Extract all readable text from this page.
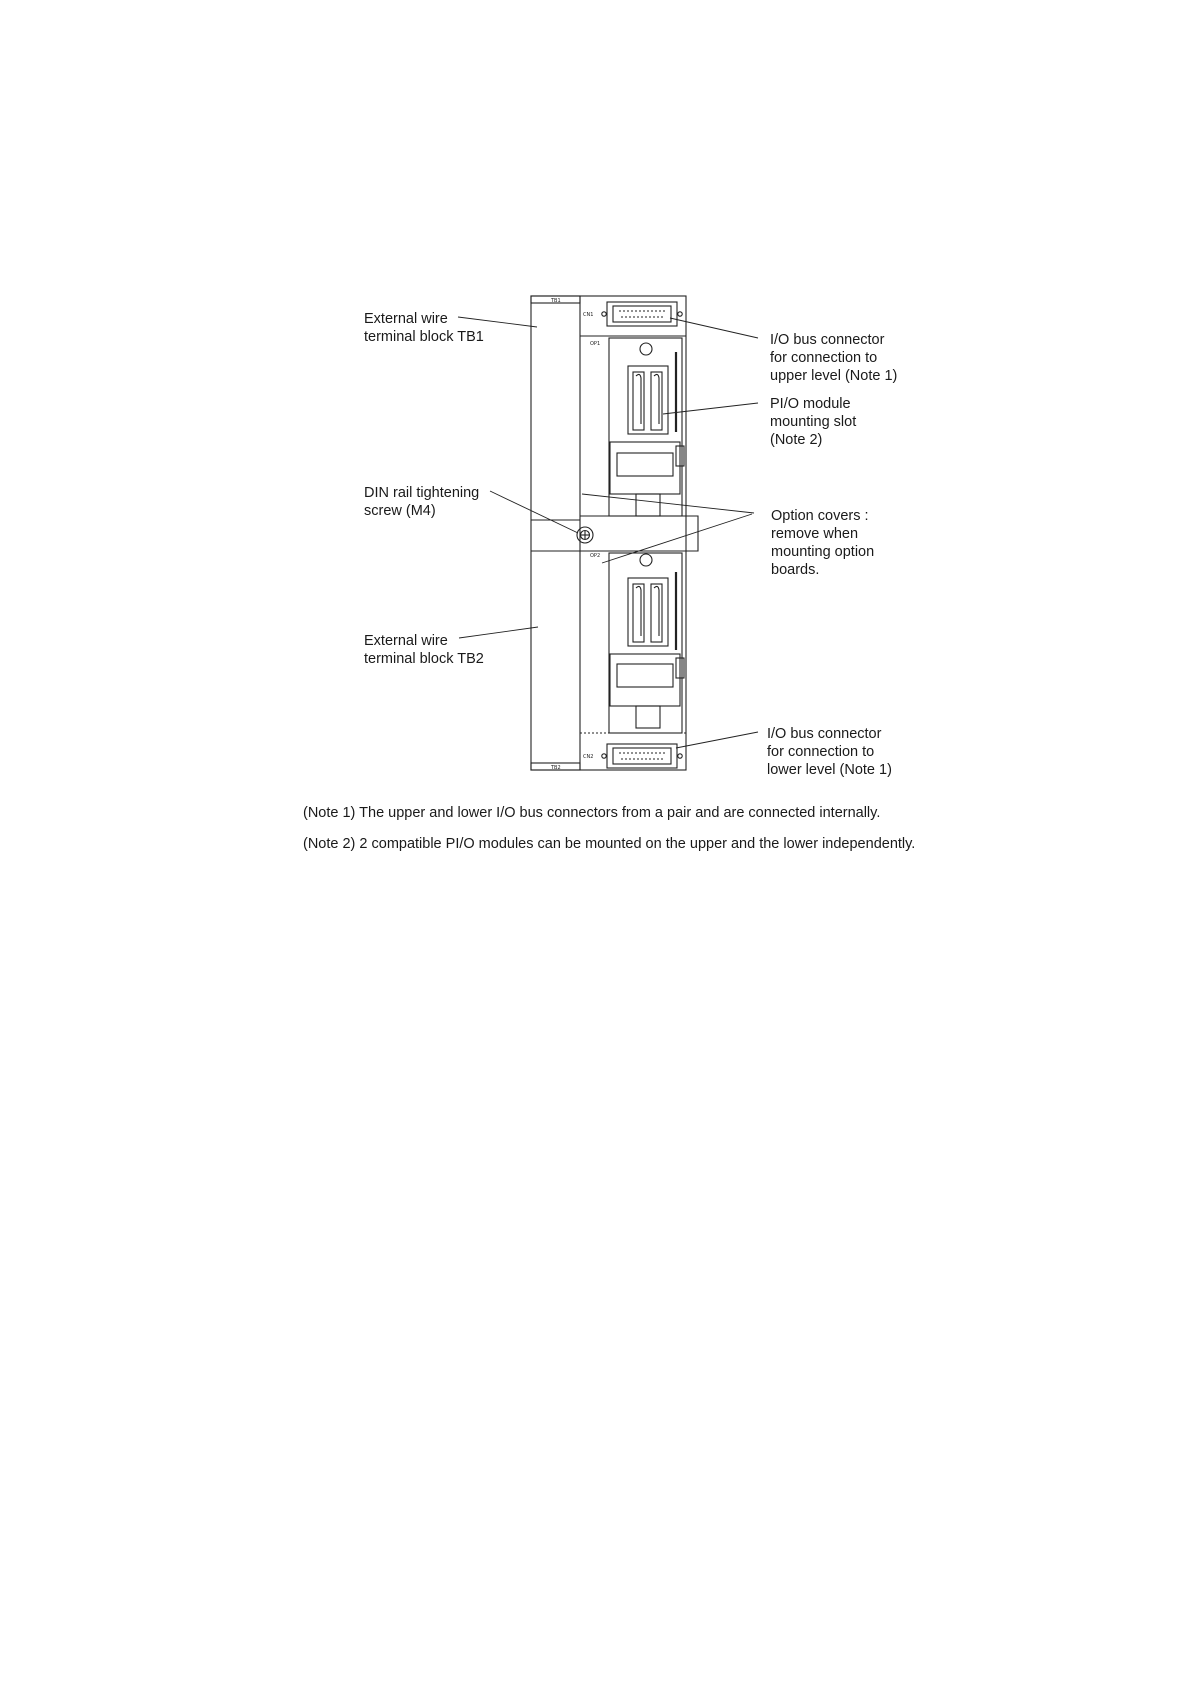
TB1
TB2
CN1
CN2
OP1
OP2
External wire
terminal block TB1
DIN rail tightening
screw (M4)
External wire
terminal block TB2
I/O bus connector
for connection to
upper level (Note 1)
PI/O module
mounting slot
(Note 2)
Option covers :
remove when
mounting option
boards.
I/O bus connector
for connection to
lower level (Note 1)
(Note 1) The upper and lower I/O bus connectors from a pair and are connected internally.
(Note 2) 2 compatible PI/O modules can be mounted on the upper and the lower independently.
